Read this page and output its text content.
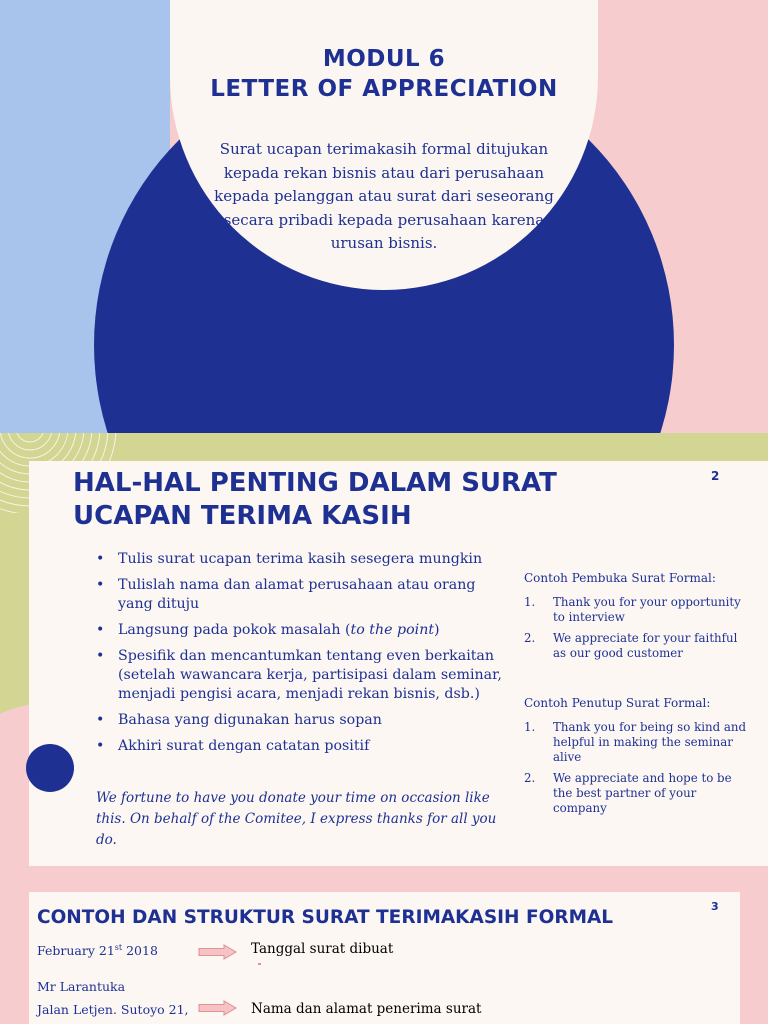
MODUL 6
LETTER OF APPRECIATION
Surat ucapan terimakasih formal ditujukan kepada rekan bisnis atau dari perusahaan kepada pelanggan atau surat dari seseorang secara pribadi kepada perusahaan karena urusan bisnis.
HAL-HAL PENTING DALAM SURAT
UCAPAN TERIMA KASIH
2
• Tulis surat ucapan terima kasih sesegera mungkin
• Tulislah nama dan alamat perusahaan atau orang yang dituju
• Langsung pada pokok masalah (to the point)
• Spesifik dan mencantumkan tentang even berkaitan (setelah wawancara kerja, partisipasi dalam seminar, menjadi pengisi acara, menjadi rekan bisnis, dsb.)
• Bahasa yang digunakan harus sopan
• Akhiri surat dengan catatan positif
We fortune to have you donate your time on occasion like this. On behalf of the Comitee, I express thanks for all you do.
Contoh Pembuka Surat Formal:
1. Thank you for your opportunity to interview
2. We appreciate for your faithful as our good customer
Contoh Penutup Surat Formal:
1. Thank you for being so kind and helpful in making the seminar alive
2. We appreciate and hope to be the best partner of your company
CONTOH DAN STRUKTUR SURAT TERIMAKASIH FORMAL
3
February 21st 2018	Tanggal surat dibuat
Mr Larantuka
Jalan Letjen. Sutoyo 21,	Nama dan alamat penerima surat
